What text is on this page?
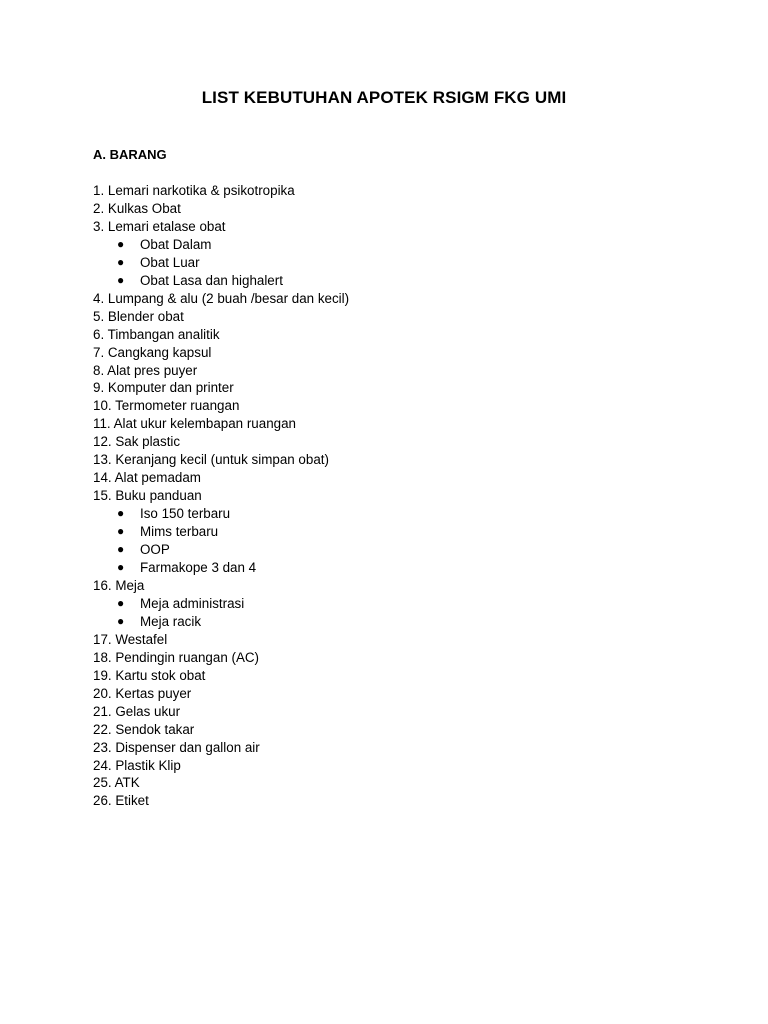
LIST KEBUTUHAN APOTEK RSIGM FKG UMI
A. BARANG
1. Lemari narkotika & psikotropika
2. Kulkas Obat
3. Lemari etalase obat
● Obat Dalam
● Obat Luar
● Obat Lasa dan highalert
4. Lumpang & alu (2 buah /besar dan kecil)
5. Blender obat
6. Timbangan analitik
7. Cangkang kapsul
8. Alat pres puyer
9. Komputer dan printer
10. Termometer ruangan
11. Alat ukur kelembapan ruangan
12. Sak plastic
13. Keranjang kecil (untuk simpan obat)
14. Alat pemadam
15. Buku panduan
● Iso 150 terbaru
● Mims terbaru
● OOP
● Farmakope 3 dan 4
16. Meja
● Meja administrasi
● Meja racik
17. Westafel
18. Pendingin ruangan (AC)
19. Kartu stok obat
20. Kertas puyer
21. Gelas ukur
22. Sendok takar
23. Dispenser dan gallon air
24. Plastik Klip
25. ATK
26. Etiket
